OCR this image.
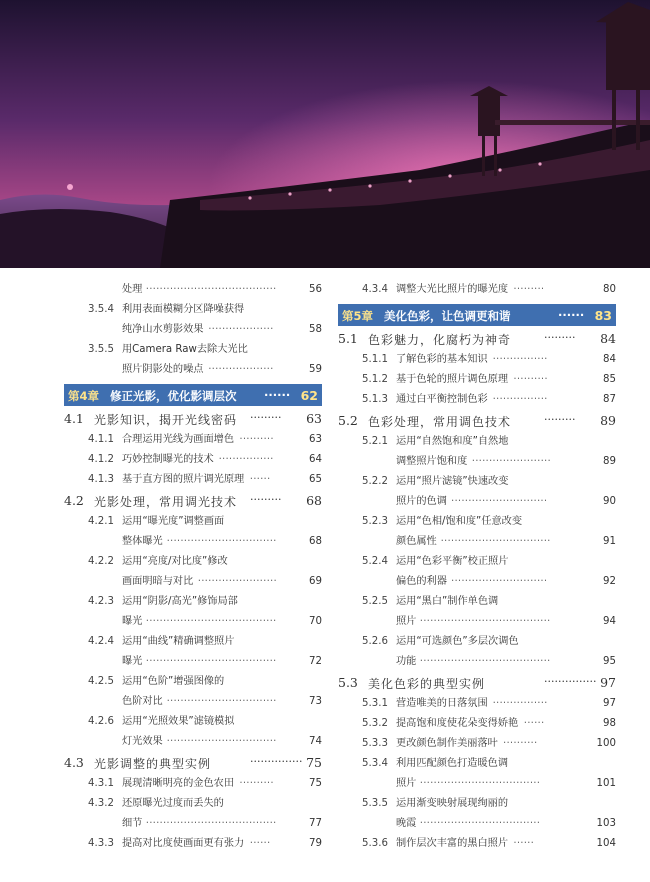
处理 ······································	56
3.5.4 利用表面模糊分区降噪获得
纯净山水剪影效果 ···················	58
3.5.5 用Camera Raw去除大光比
照片阴影处的噪点 ···················	59
第4章 修正光影，优化影调层次 ······ 62
4.1 光影知识，揭开光线密码 ········· 63
4.1.1 合理运用光线为画面增色 ··········	63
4.1.2 巧妙控制曝光的技术 ················	64
4.1.3 基于直方图的照片调光原理 ······	65
4.2 光影处理，常用调光技术 ········· 68
4.2.1 运用“曝光度”调整画面
整体曝光 ································	68
4.2.2 运用“亮度/对比度”修改
画面明暗与对比 ·······················	69
4.2.3 运用“阴影/高光”修饰局部
曝光 ······································	70
4.2.4 运用“曲线”精确调整照片
曝光 ······································	72
4.2.5 运用“色阶”增强图像的
色阶对比 ································	73
4.2.6 运用“光照效果”滤镜模拟
灯光效果 ································	74
4.3 光影调整的典型实例	··············· 75
4.3.1 展现清晰明亮的金色农田 ··········	75
4.3.2 还原曝光过度而丢失的
细节 ······································	77
4.3.3 提高对比度使画面更有张力 ······	79
4.3.4 调整大光比照片的曝光度 ·········	80
第5章 美化色彩，让色调更和谐	······ 83
5.1 色彩魅力，化腐朽为神奇	········· 84
5.1.1 了解色彩的基本知识 ················	84
5.1.2 基于色轮的照片调色原理 ··········	85
5.1.3 通过白平衡控制色彩 ················	87
5.2 色彩处理，常用调色技术	········· 89
5.2.1 运用“自然饱和度”自然地
调整照片饱和度 ·······················	89
5.2.2 运用“照片滤镜”快速改变
照片的色调 ····························	90
5.2.3 运用“色相/饱和度”任意改变
颜色属性 ································	91
5.2.4 运用“色彩平衡”校正照片
偏色的利器 ····························	92
5.2.5 运用“黑白”制作单色调
照片 ······································	94
5.2.6 运用“可选颜色”多层次调色
功能 ······································	95
5.3 美化色彩的典型实例	··············· 97
5.3.1 营造唯美的日落氛围 ················	97
5.3.2 提高饱和度使花朵变得娇艳 ······	98
5.3.3 更改颜色制作美丽落叶 ··········	100
5.3.4 利用匹配颜色打造暖色调
照片 ···································	101
5.3.5 运用渐变映射展现绚丽的
晚霞 ···································	103
5.3.6 制作层次丰富的黑白照片 ······	104
